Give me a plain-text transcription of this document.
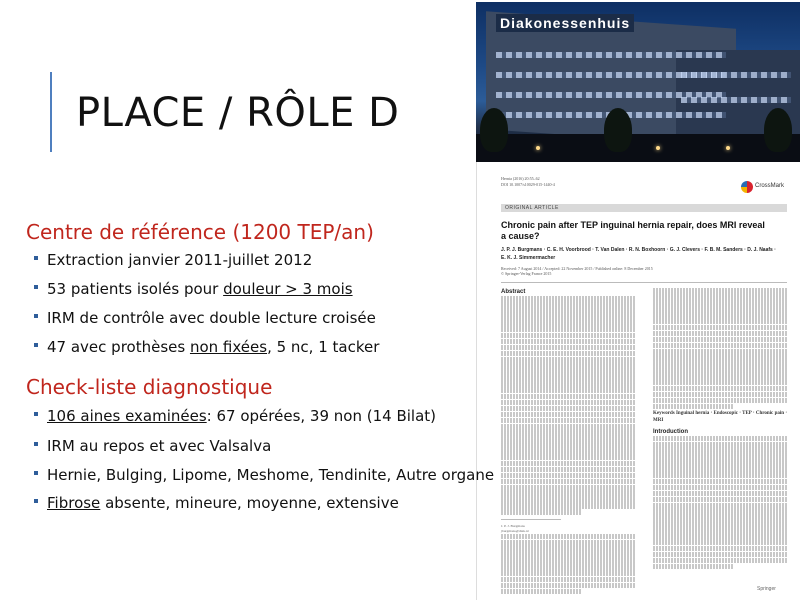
PLACE / RÔLE D
Diakonessenhuis
Hernia (2016) 20:55–62
DOI 10.1007/s10029-015-1440-4	CrossMark
ORIGINAL ARTICLE
Chronic pain after TEP inguinal hernia repair, does MRI reveal a cause?
J. P. J. Burgmans · C. E. H. Voorbrood · T. Van Dalen · R. N. Boxhoorn · G. J. Clevers · F. B. M. Sanders · D. J. Naafs · E. K. J. Simmermacher
Received: 7 August 2014 / Accepted: 22 November 2015 / Published online: 8 December 2015
© Springer-Verlag France 2015
Abstract
J. P. J. Burgmans
jburgmans@diak.nl
Keywords Inguinal hernia · Endoscopic · TEP · Chronic pain · MRI
Introduction
Springer
Centre de référence (1200 TEP/an)
Extraction janvier 2011-juillet 2012
53 patients isolés pour douleur > 3 mois
IRM de contrôle avec double lecture croisée
47 avec prothèses non fixées, 5 nc, 1 tacker
Check-liste diagnostique
106 aines examinées: 67 opérées, 39 non (14 Bilat)
IRM au repos et avec Valsalva
Hernie, Bulging, Lipome, Meshome, Tendinite, Autre organe
Fibrose absente, mineure, moyenne, extensive
